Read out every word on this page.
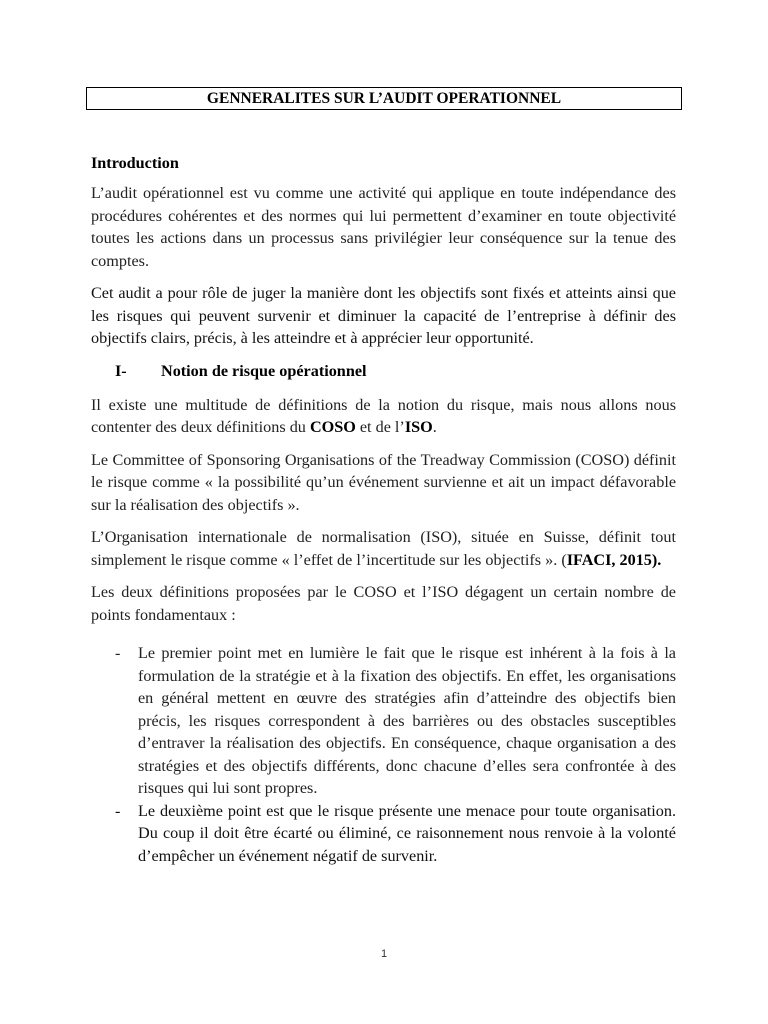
GENNERALITES SUR L’AUDIT OPERATIONNEL
Introduction

L’audit opérationnel est vu comme une activité qui applique en toute indépendance des procédures cohérentes et des normes qui lui permettent d’examiner en toute objectivité toutes les actions dans un processus sans privilégier leur conséquence sur la tenue des comptes.

Cet audit a pour rôle de juger la manière dont les objectifs sont fixés et atteints ainsi que les risques qui peuvent survenir et diminuer la capacité de l’entreprise à définir des objectifs clairs, précis, à les atteindre et à apprécier leur opportunité.

I-	Notion de risque opérationnel

Il existe une multitude de définitions de la notion du risque, mais nous allons nous contenter des deux définitions du COSO et de l’ISO.

Le Committee of Sponsoring Organisations of the Treadway Commission (COSO) définit le risque comme « la possibilité qu’un événement survienne et ait un impact défavorable sur la réalisation des objectifs ».

L’Organisation internationale de normalisation (ISO), située en Suisse, définit tout simplement le risque comme « l’effet de l’incertitude sur les objectifs ». (IFACI, 2015).

Les deux définitions proposées par le COSO et l’ISO dégagent un certain nombre de points fondamentaux :

- Le premier point met en lumière le fait que le risque est inhérent à la fois à la formulation de la stratégie et à la fixation des objectifs. En effet, les organisations en général mettent en œuvre des stratégies afin d’atteindre des objectifs bien précis, les risques correspondent à des barrières ou des obstacles susceptibles d’entraver la réalisation des objectifs. En conséquence, chaque organisation a des stratégies et des objectifs différents, donc chacune d’elles sera confrontée à des risques qui lui sont propres.
- Le deuxième point est que le risque présente une menace pour toute organisation. Du coup il doit être écarté ou éliminé, ce raisonnement nous renvoie à la volonté d’empêcher un événement négatif de survenir.
1
